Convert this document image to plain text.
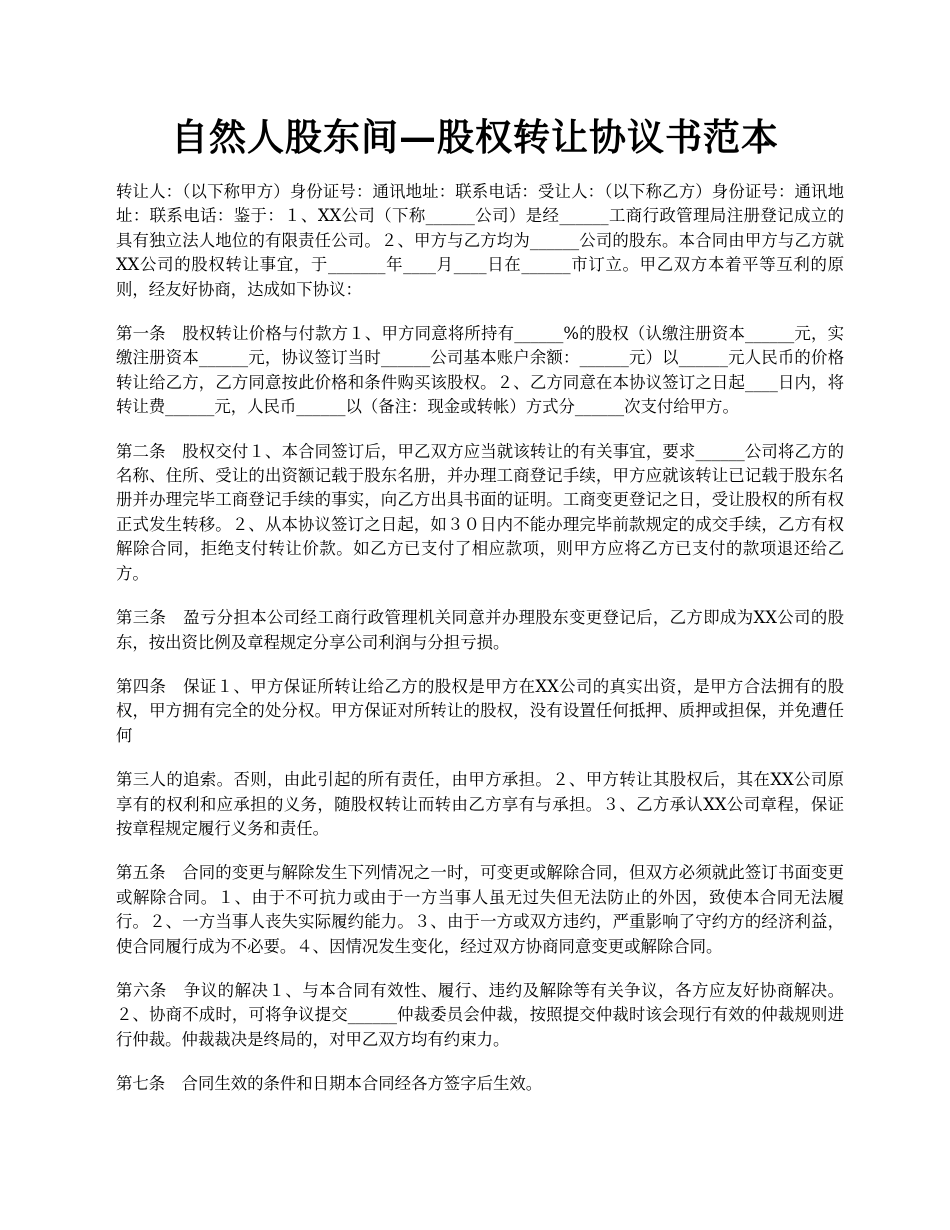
自然人股东间—股权转让协议书范本

转让人：（以下称甲方）身份证号：通讯地址：联系电话：受让人：（以下称乙方）身份证号：通讯地址：联系电话：鉴于：１、XX公司（下称______公司）是经______工商行政管理局注册登记成立的具有独立法人地位的有限责任公司。２、甲方与乙方均为______公司的股东。本合同由甲方与乙方就XX公司的股权转让事宜，于_______年____月____日在______市订立。甲乙双方本着平等互利的原则，经友好协商，达成如下协议：

第一条　股权转让价格与付款方１、甲方同意将所持有______%的股权（认缴注册资本______元，实缴注册资本______元，协议签订当时______公司基本账户余额：______元）以______元人民币的价格转让给乙方，乙方同意按此价格和条件购买该股权。２、乙方同意在本协议签订之日起____日内，将转让费______元，人民币______以（备注：现金或转帐）方式分______次支付给甲方。

第二条　股权交付１、本合同签订后，甲乙双方应当就该转让的有关事宜，要求______公司将乙方的名称、住所、受让的出资额记载于股东名册，并办理工商登记手续，甲方应就该转让已记载于股东名册并办理完毕工商登记手续的事实，向乙方出具书面的证明。工商变更登记之日，受让股权的所有权正式发生转移。２、从本协议签订之日起，如３０日内不能办理完毕前款规定的成交手续，乙方有权解除合同，拒绝支付转让价款。如乙方已支付了相应款项，则甲方应将乙方已支付的款项退还给乙方。

第三条　盈亏分担本公司经工商行政管理机关同意并办理股东变更登记后，乙方即成为XX公司的股东，按出资比例及章程规定分享公司利润与分担亏损。

第四条　保证１、甲方保证所转让给乙方的股权是甲方在XX公司的真实出资，是甲方合法拥有的股权，甲方拥有完全的处分权。甲方保证对所转让的股权，没有设置任何抵押、质押或担保，并免遭任何

第三人的追索。否则，由此引起的所有责任，由甲方承担。２、甲方转让其股权后，其在XX公司原享有的权利和应承担的义务，随股权转让而转由乙方享有与承担。３、乙方承认XX公司章程，保证按章程规定履行义务和责任。

第五条　合同的变更与解除发生下列情况之一时，可变更或解除合同，但双方必须就此签订书面变更或解除合同。１、由于不可抗力或由于一方当事人虽无过失但无法防止的外因，致使本合同无法履行。２、一方当事人丧失实际履约能力。３、由于一方或双方违约，严重影响了守约方的经济利益，使合同履行成为不必要。４、因情况发生变化，经过双方协商同意变更或解除合同。

第六条　争议的解决１、与本合同有效性、履行、违约及解除等有关争议，各方应友好协商解决。２、协商不成时，可将争议提交______仲裁委员会仲裁，按照提交仲裁时该会现行有效的仲裁规则进行仲裁。仲裁裁决是终局的，对甲乙双方均有约束力。

第七条　合同生效的条件和日期本合同经各方签字后生效。
